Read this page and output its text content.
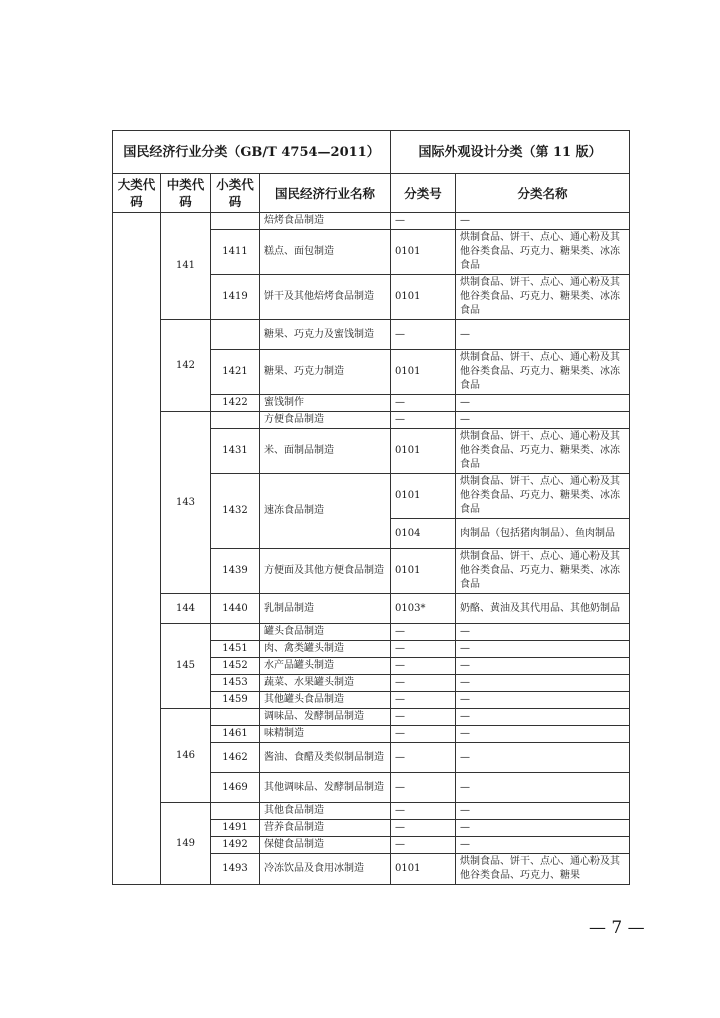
国民经济行业分类（GB/T 4754—2011）				国际外观设计分类（第 11 版）	
大类代码	中类代码	小类代码	国民经济行业名称	分类号	分类名称
	141		焙烤食品制造	—	—
		1411	糕点、面包制造	0101	烘制食品、饼干、点心、通心粉及其他谷类食品、巧克力、糖果类、冰冻食品
		1419	饼干及其他焙烤食品制造	0101	烘制食品、饼干、点心、通心粉及其他谷类食品、巧克力、糖果类、冰冻食品
	142		糖果、巧克力及蜜饯制造	—	—
		1421	糖果、巧克力制造	0101	烘制食品、饼干、点心、通心粉及其他谷类食品、巧克力、糖果类、冰冻食品
		1422	蜜饯制作	—	—
	143		方便食品制造	—	—
		1431	米、面制品制造	0101	烘制食品、饼干、点心、通心粉及其他谷类食品、巧克力、糖果类、冰冻食品
		1432	速冻食品制造	0101	烘制食品、饼干、点心、通心粉及其他谷类食品、巧克力、糖果类、冰冻食品
				0104	肉制品（包括猪肉制品）、鱼肉制品
		1439	方便面及其他方便食品制造	0101	烘制食品、饼干、点心、通心粉及其他谷类食品、巧克力、糖果类、冰冻食品
	144	1440	乳制品制造	0103*	奶酪、黄油及其代用品、其他奶制品
	145		罐头食品制造	—	—
		1451	肉、禽类罐头制造	—	—
		1452	水产品罐头制造	—	—
		1453	蔬菜、水果罐头制造	—	—
		1459	其他罐头食品制造	—	—
	146		调味品、发酵制品制造	—	—
		1461	味精制造	—	—
		1462	酱油、食醋及类似制品制造	—	—
		1469	其他调味品、发酵制品制造	—	—
	149		其他食品制造	—	—
		1491	营养食品制造	—	—
		1492	保健食品制造	—	—
		1493	冷冻饮品及食用冰制造	0101	烘制食品、饼干、点心、通心粉及其他谷类食品、巧克力、糖果
— 7 —
